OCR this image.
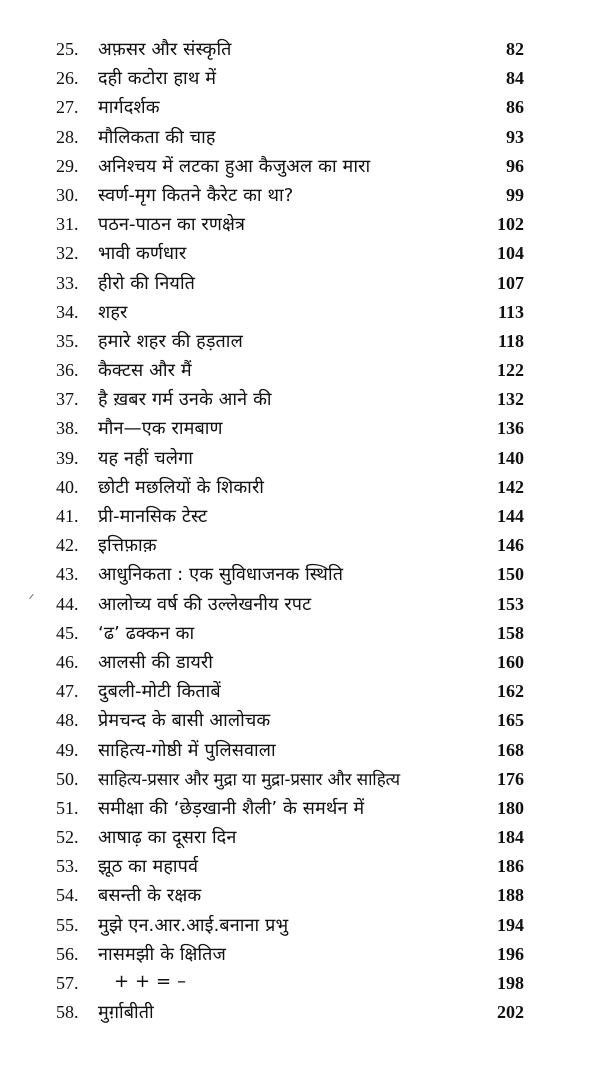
25. अफ़सर और संस्कृति	82
26. दही कटोरा हाथ में	84
27. मार्गदर्शक	86
28. मौलिकता की चाह	93
29. अनिश्चय में लटका हुआ कैजुअल का मारा	96
30. स्वर्ण-मृग कितने कैरेट का था?	99
31. पठन-पाठन का रणक्षेत्र	102
32. भावी कर्णधार	104
33. हीरो की नियति	107
34. शहर	113
35. हमारे शहर की हड़ताल	118
36. कैक्टस और मैं	122
37. है ख़बर गर्म उनके आने की	132
38. मौन—एक रामबाण	136
39. यह नहीं चलेगा	140
40. छोटी मछलियों के शिकारी	142
41. प्री-मानसिक टेस्ट	144
42. इत्तिफ़ाक़	146
43. आधुनिकता : एक सुविधाजनक स्थिति	150
44. आलोच्य वर्ष की उल्लेखनीय रपट	153
45. ‘ढ’ ढक्कन का	158
46. आलसी की डायरी	160
47. दुबली-मोटी किताबें	162
48. प्रेमचन्द के बासी आलोचक	165
49. साहित्य-गोष्ठी में पुलिसवाला	168
50. साहित्य-प्रसार और मुद्रा या मुद्रा-प्रसार और साहित्य	176
51. समीक्षा की ‘छेड़खानी शैली’ के समर्थन में	180
52. आषाढ़ का दूसरा दिन	184
53. झूठ का महापर्व	186
54. बसन्ती के रक्षक	188
55. मुझे एन.आर.आई.बनाना प्रभु	194
56. नासमझी के क्षितिज	196
57. + + = –	198
58. मुर्ग़ाबीती	202
